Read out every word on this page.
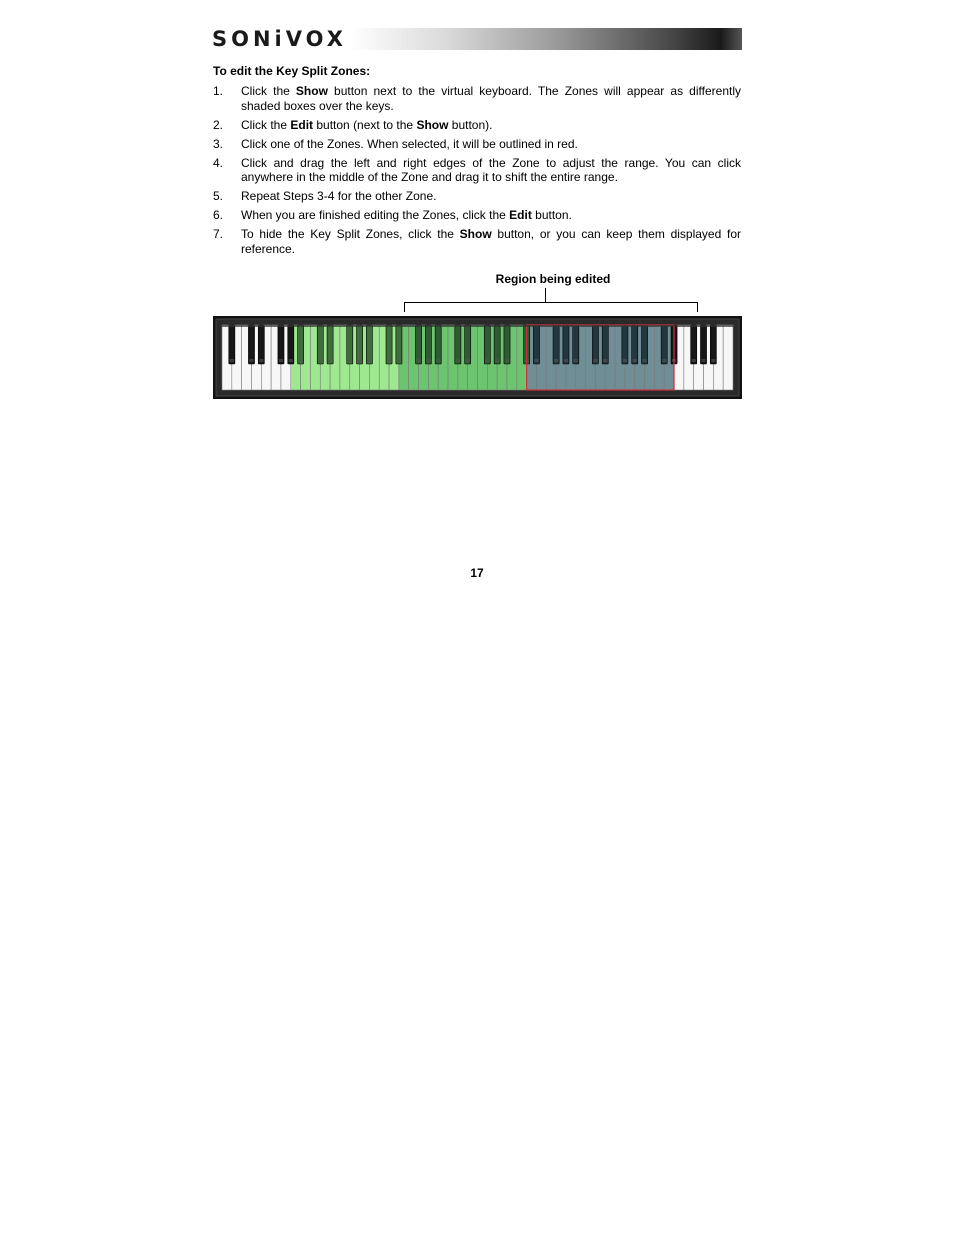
SONiVOX
To edit the Key Split Zones:
1. Click the Show button next to the virtual keyboard. The Zones will appear as differently shaded boxes over the keys.
2. Click the Edit button (next to the Show button).
3. Click one of the Zones. When selected, it will be outlined in red.
4. Click and drag the left and right edges of the Zone to adjust the range. You can click anywhere in the middle of the Zone and drag it to shift the entire range.
5. Repeat Steps 3-4 for the other Zone.
6. When you are finished editing the Zones, click the Edit button.
7. To hide the Key Split Zones, click the Show button, or you can keep them displayed for reference.
Region being edited
17
